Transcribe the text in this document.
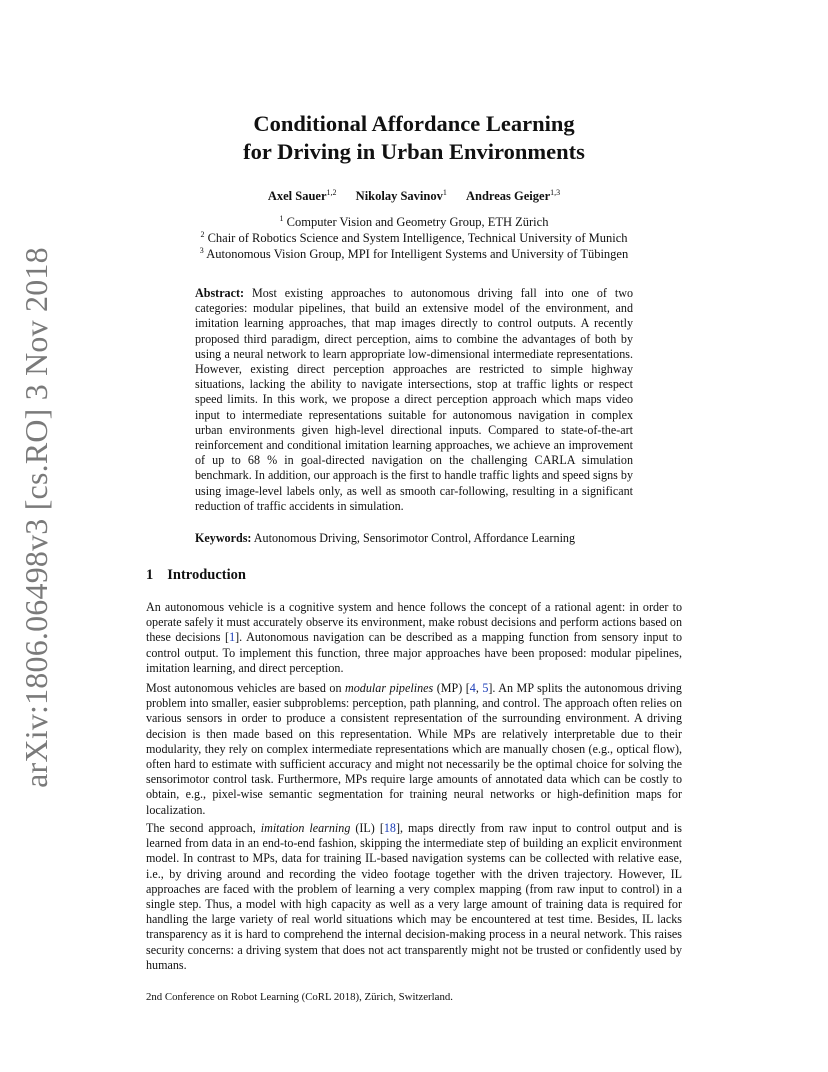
arXiv:1806.06498v3 [cs.RO] 3 Nov 2018
Conditional Affordance Learning
for Driving in Urban Environments
Axel Sauer$^{1,2}$ Nikolay Savinov$^1$ Andreas Geiger$^{1,3}$
$^1$ Computer Vision and Geometry Group, ETH Zürich
$^2$ Chair of Robotics Science and System Intelligence, Technical University of Munich
$^3$ Autonomous Vision Group, MPI for Intelligent Systems and University of Tübingen
Abstract: Most existing approaches to autonomous driving fall into one of two categories: modular pipelines, that build an extensive model of the environment, and imitation learning approaches, that map images directly to control outputs. A recently proposed third paradigm, direct perception, aims to combine the advantages of both by using a neural network to learn appropriate low-dimensional intermediate representations. However, existing direct perception approaches are restricted to simple highway situations, lacking the ability to navigate intersections, stop at traffic lights or respect speed limits. In this work, we propose a direct perception approach which maps video input to intermediate representations suitable for autonomous navigation in complex urban environments given high-level directional inputs. Compared to state-of-the-art reinforcement and conditional imitation learning approaches, we achieve an improvement of up to 68 % in goal-directed navigation on the challenging CARLA simulation benchmark. In addition, our approach is the first to handle traffic lights and speed signs by using image-level labels only, as well as smooth car-following, resulting in a significant reduction of traffic accidents in simulation.
Keywords: Autonomous Driving, Sensorimotor Control, Affordance Learning
1 Introduction
An autonomous vehicle is a cognitive system and hence follows the concept of a rational agent: in order to operate safely it must accurately observe its environment, make robust decisions and perform actions based on these decisions [1]. Autonomous navigation can be described as a mapping function from sensory input to control output. To implement this function, three major approaches have been proposed: modular pipelines, imitation learning, and direct perception.
Most autonomous vehicles are based on modular pipelines (MP) [4, 5]. An MP splits the autonomous driving problem into smaller, easier subproblems: perception, path planning, and control. The approach often relies on various sensors in order to produce a consistent representation of the surrounding environment. A driving decision is then made based on this representation. While MPs are relatively interpretable due to their modularity, they rely on complex intermediate representations which are manually chosen (e.g., optical flow), often hard to estimate with sufficient accuracy and might not necessarily be the optimal choice for solving the sensorimotor control task. Furthermore, MPs require large amounts of annotated data which can be costly to obtain, e.g., pixel-wise semantic segmentation for training neural networks or high-definition maps for localization.
The second approach, imitation learning (IL) [18], maps directly from raw input to control output and is learned from data in an end-to-end fashion, skipping the intermediate step of building an explicit environment model. In contrast to MPs, data for training IL-based navigation systems can be collected with relative ease, i.e., by driving around and recording the video footage together with the driven trajectory. However, IL approaches are faced with the problem of learning a very complex mapping (from raw input to control) in a single step. Thus, a model with high capacity as well as a very large amount of training data is required for handling the large variety of real world situations which may be encountered at test time. Besides, IL lacks transparency as it is hard to comprehend the internal decision-making process in a neural network. This raises security concerns: a driving system that does not act transparently might not be trusted or confidently used by humans.
2nd Conference on Robot Learning (CoRL 2018), Zürich, Switzerland.
